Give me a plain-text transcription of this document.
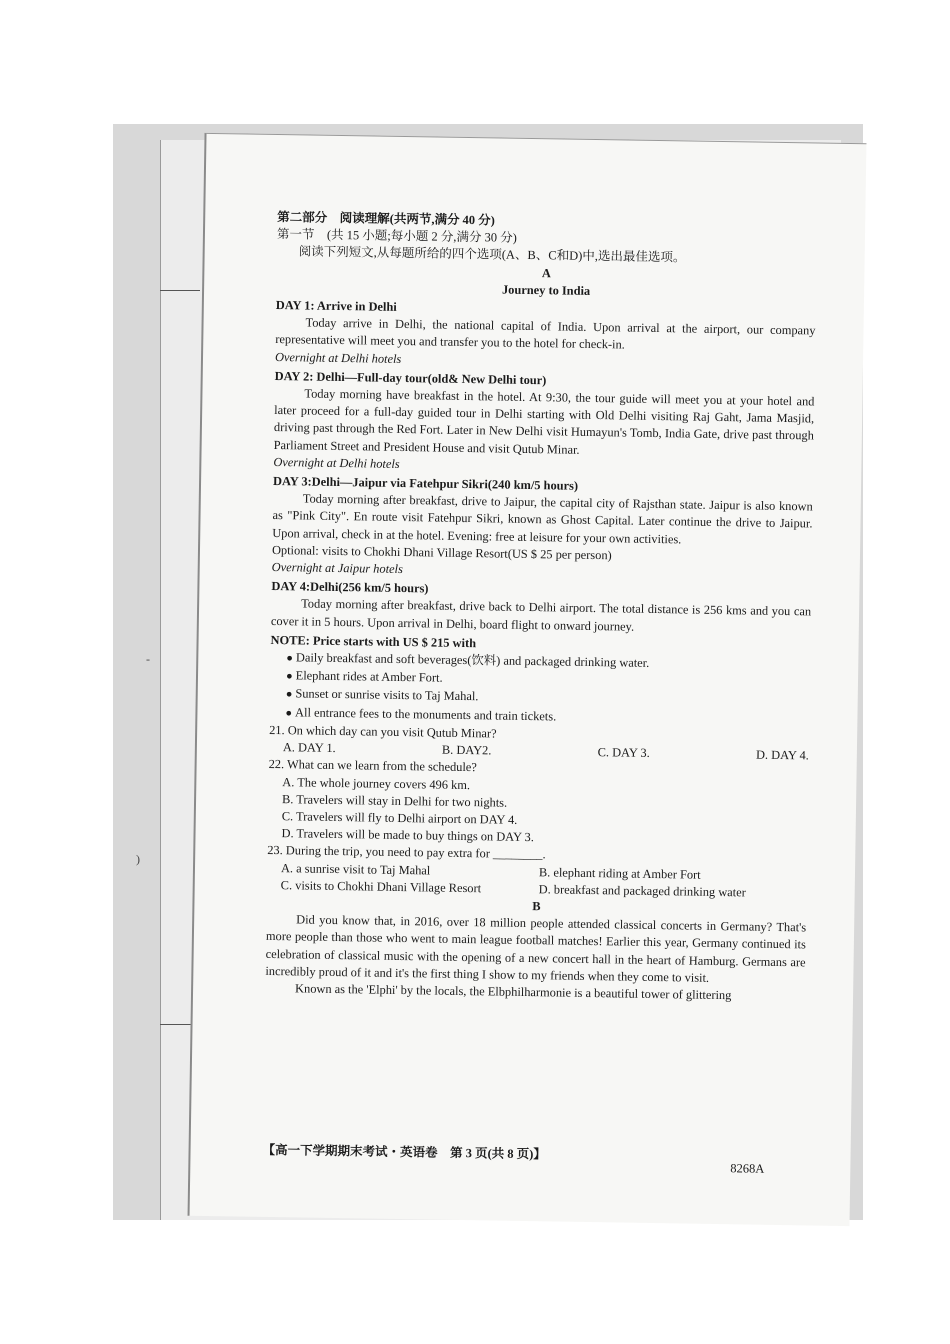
第二部分　阅读理解(共两节,满分 40 分)

第一节　(共 15 小题;每小题 2 分,满分 30 分)

阅读下列短文,从每题所给的四个选项(A、B、C和D)中,选出最佳选项。

A

Journey to India

DAY 1: Arrive in Delhi

Today arrive in Delhi, the national capital of India. Upon arrival at the airport, our company representative will meet you and transfer you to the hotel for check-in.

Overnight at Delhi hotels

DAY 2: Delhi—Full-day tour(old& New Delhi tour)

Today morning have breakfast in the hotel. At 9:30, the tour guide will meet you at your hotel and later proceed for a full-day guided tour in Delhi starting with Old Delhi visiting Raj Gaht, Jama Masjid, driving past through the Red Fort. Later in New Delhi visit Humayun's Tomb, India Gate, drive past through Parliament Street and President House and visit Qutub Minar.

Overnight at Delhi hotels

DAY 3:Delhi—Jaipur via Fatehpur Sikri(240 km/5 hours)

Today morning after breakfast, drive to Jaipur, the capital city of Rajsthan state. Jaipur is also known as "Pink City". En route visit Fatehpur Sikri, known as Ghost Capital. Later continue the drive to Jaipur. Upon arrival, check in at the hotel. Evening: free at leisure for your own activities.

Optional: visits to Chokhi Dhani Village Resort(US $ 25 per person)

Overnight at Jaipur hotels

DAY 4:Delhi(256 km/5 hours)

Today morning after breakfast, drive back to Delhi airport. The total distance is 256 kms and you can cover it in 5 hours. Upon arrival in Delhi, board flight to onward journey.

NOTE: Price starts with US $ 215 with

● Daily breakfast and soft beverages(饮料) and packaged drinking water.

● Elephant rides at Amber Fort.

● Sunset or sunrise visits to Taj Mahal.

● All entrance fees to the monuments and train tickets.

21. On which day can you visit Qutub Minar?

A. DAY 1.	B. DAY2.	C. DAY 3.	D. DAY 4.

22. What can we learn from the schedule?

A. The whole journey covers 496 km.

B. Travelers will stay in Delhi for two nights.

C. Travelers will fly to Delhi airport on DAY 4.

D. Travelers will be made to buy things on DAY 3.

23. During the trip, you need to pay extra for ________.

A. a sunrise visit to Taj Mahal	B. elephant riding at Amber Fort
C. visits to Chokhi Dhani Village Resort	D. breakfast and packaged drinking water

B

Did you know that, in 2016, over 18 million people attended classical concerts in Germany? That's more people than those who went to main league football matches! Earlier this year, Germany continued its celebration of classical music with the opening of a new concert hall in the heart of Hamburg. Germans are incredibly proud of it and it's the first thing I show to my friends when they come to visit.

Known as the 'Elphi' by the locals, the Elbphilharmonie is a beautiful tower of glittering

【高一下学期期末考试・英语卷　第 3 页(共 8 页)】
8268A
-
)
